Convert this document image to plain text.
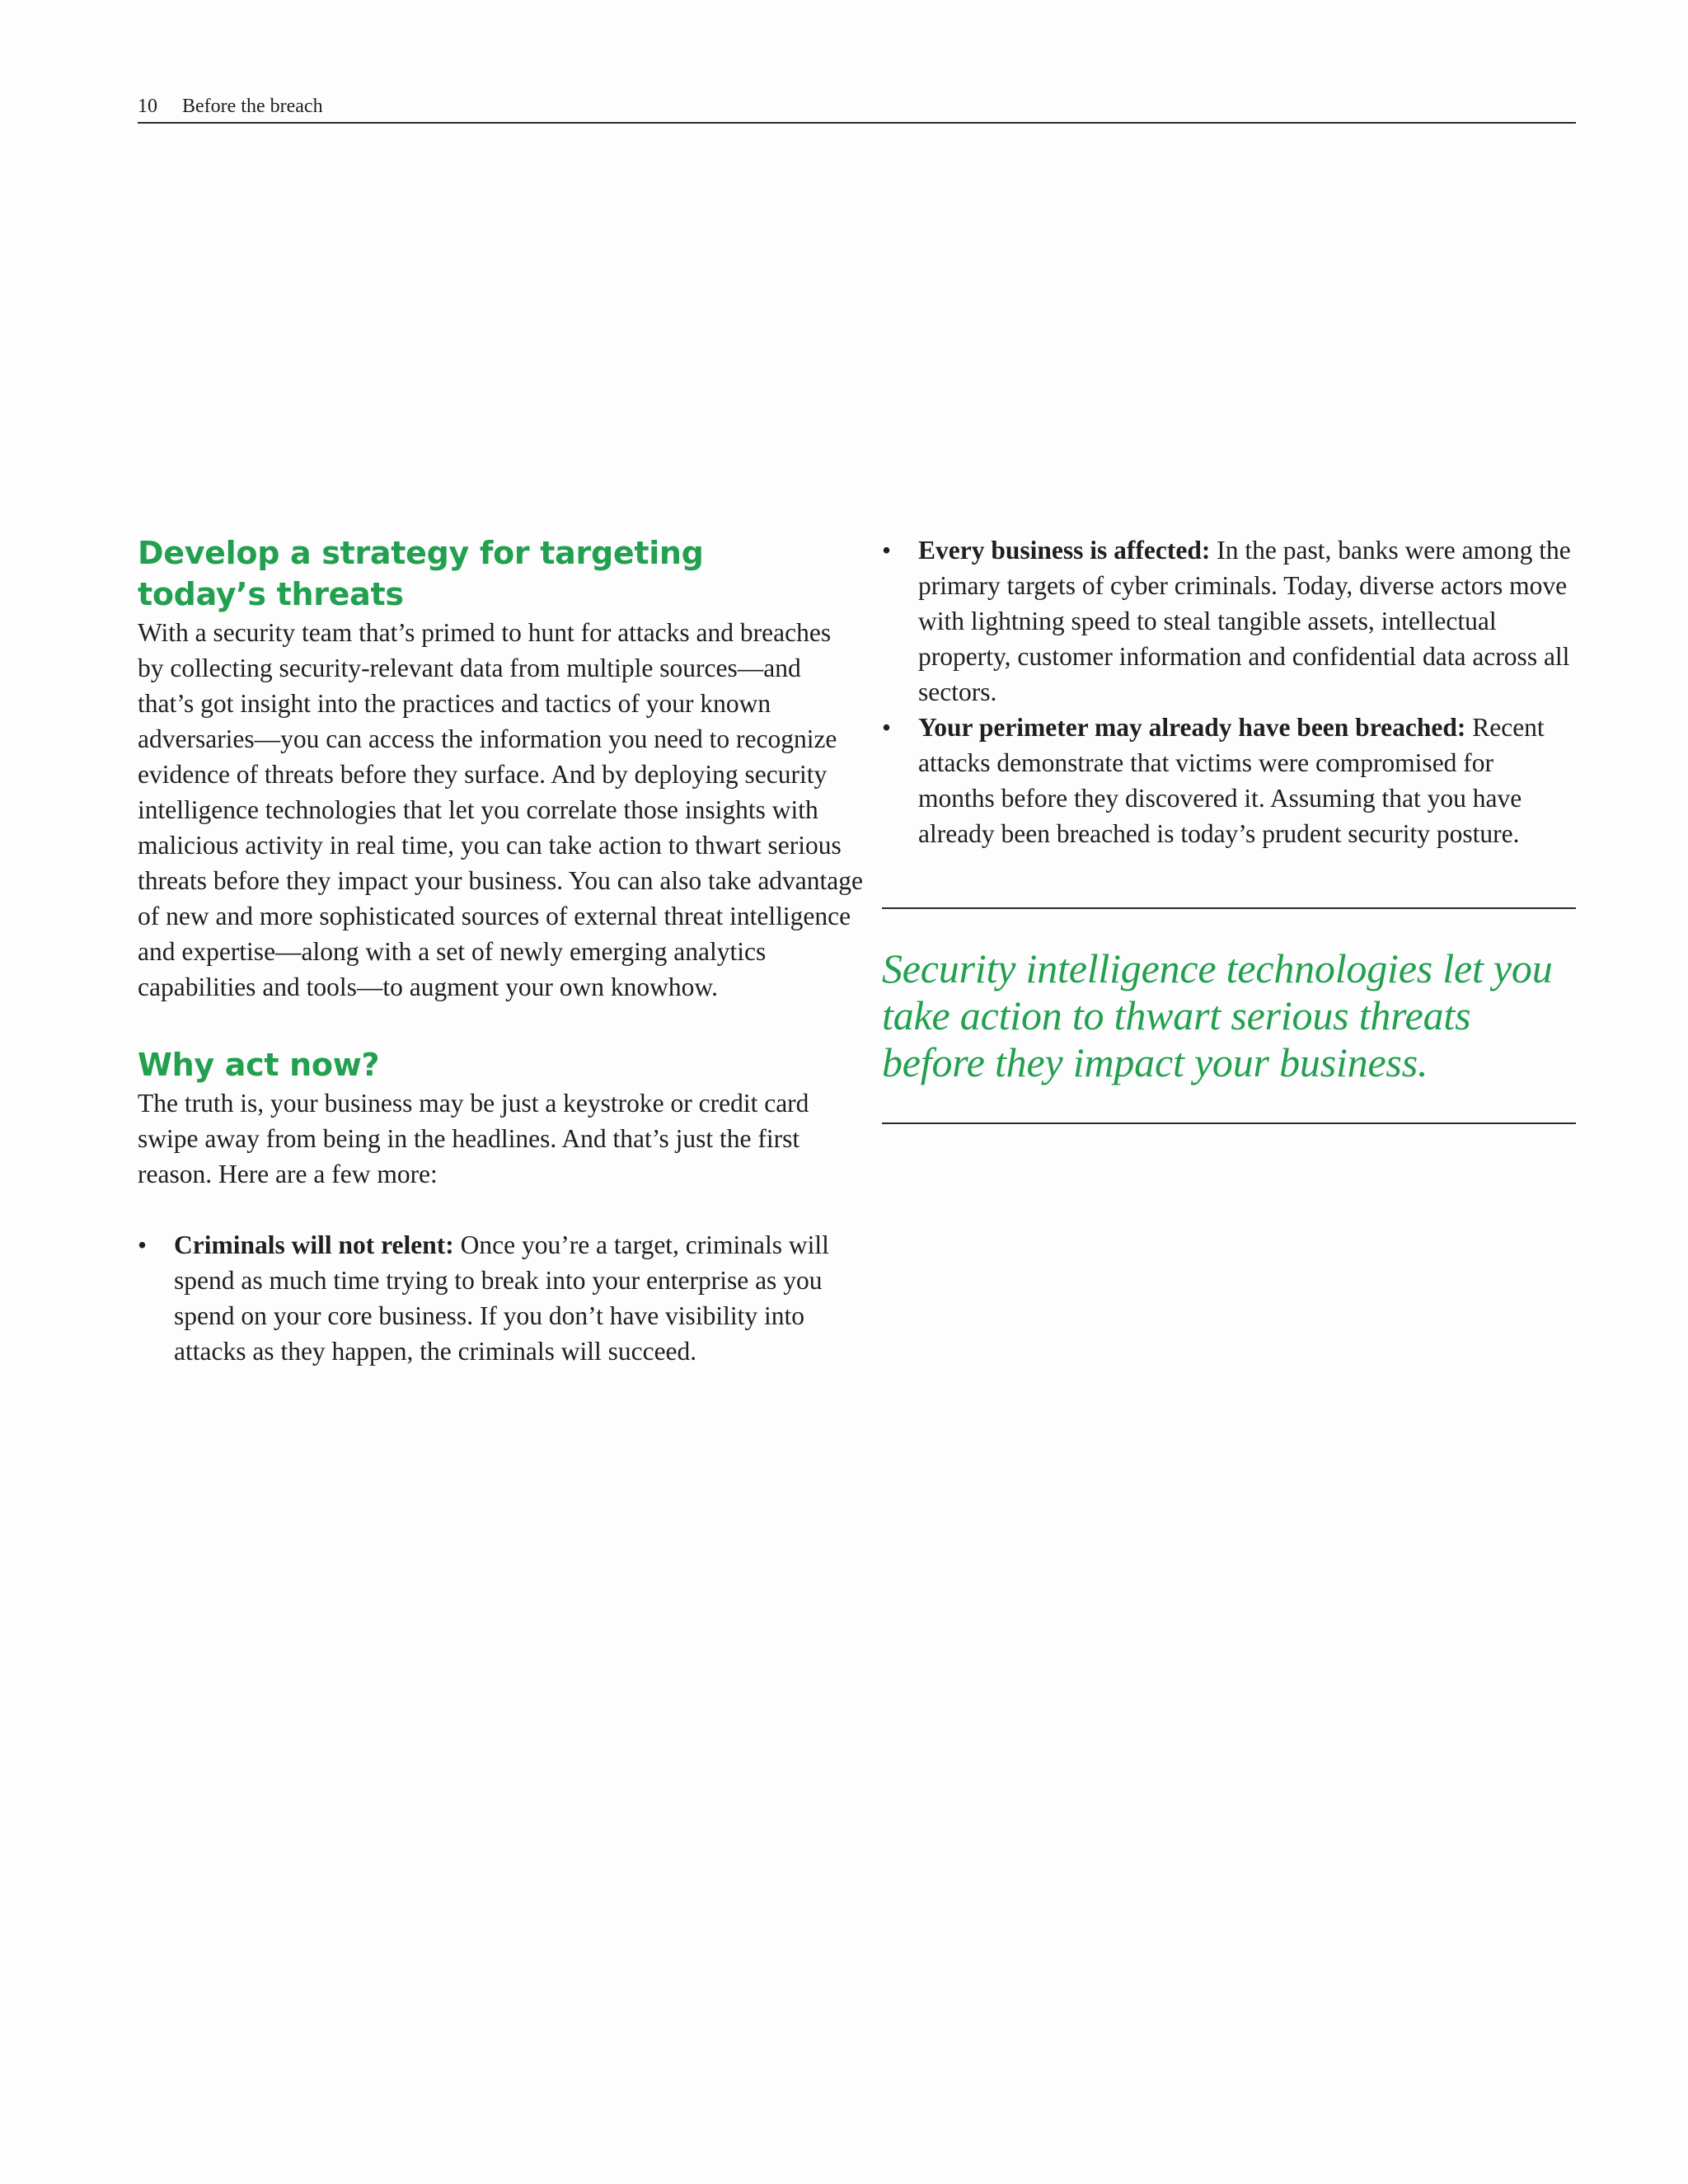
10 Before the breach
Develop a strategy for targeting
today’s threats

With a security team that’s primed to hunt for attacks and breaches by collecting security-relevant data from multiple sources—and that’s got insight into the practices and tactics of your known adversaries—you can access the information you need to recognize evidence of threats before they surface. And by deploying security intelligence technologies that let you correlate those insights with malicious activity in real time, you can take action to thwart serious threats before they impact your business. You can also take advantage of new and more sophisticated sources of external threat intelligence and expertise—along with a set of newly emerging analytics capabilities and tools—to augment your own knowhow.

Why act now?

The truth is, your business may be just a keystroke or credit card swipe away from being in the headlines. And that’s just the first reason. Here are a few more:

•	Criminals will not relent: Once you’re a target, criminals will spend as much time trying to break into your enterprise as you spend on your core business. If you don’t have visibility into attacks as they happen, the criminals will succeed.
•	Every business is affected: In the past, banks were among the primary targets of cyber criminals. Today, diverse actors move with lightning speed to steal tangible assets, intellectual property, customer information and confidential data across all sectors.
•	Your perimeter may already have been breached: Recent attacks demonstrate that victims were compromised for months before they discovered it. Assuming that you have already been breached is today’s prudent security posture.

Security intelligence technologies let you take action to thwart serious threats before they impact your business.
